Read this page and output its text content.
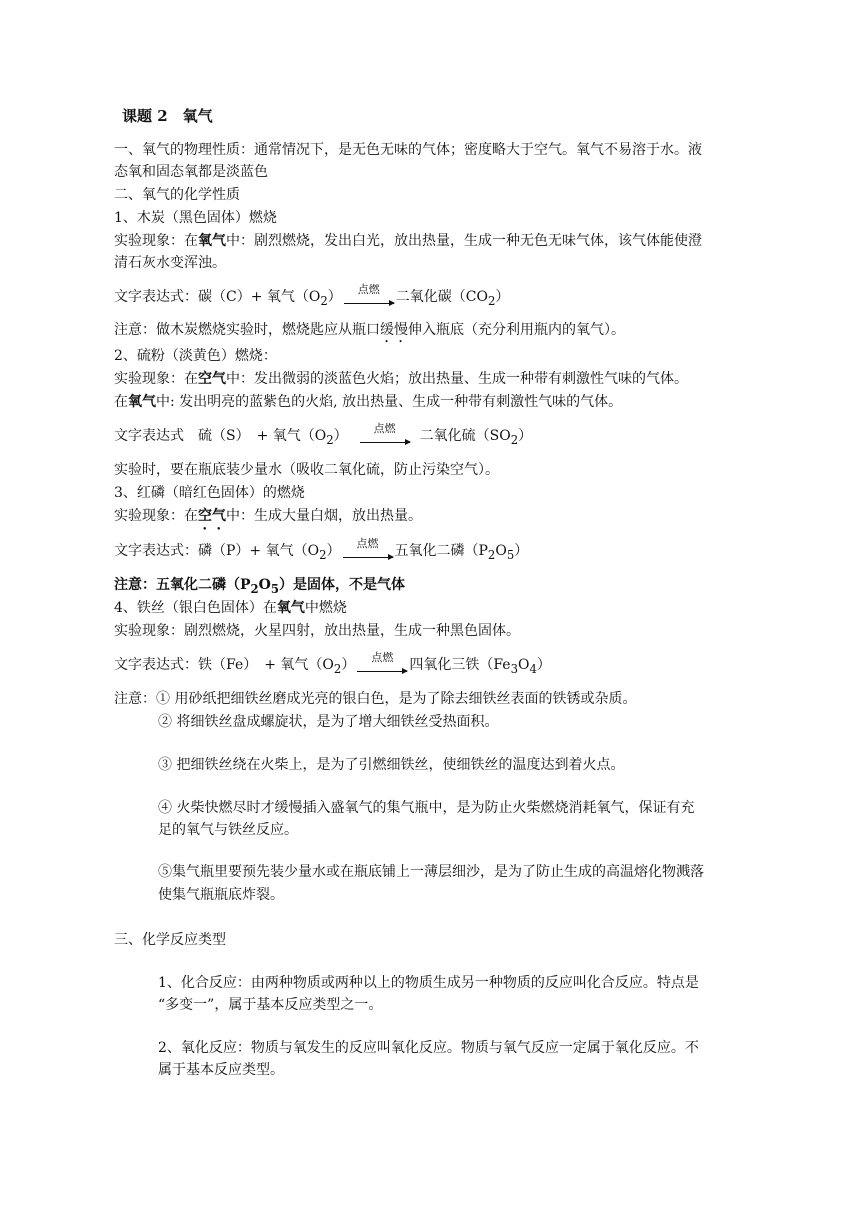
课题 2　氧气
一、氧气的物理性质：通常情况下，是无色无味的气体；密度略大于空气。氧气不易溶于水。液
态氧和固态氧都是淡蓝色
二、氧气的化学性质
1、木炭（黑色固体）燃烧
实验现象：在氧气中：剧烈燃烧，发出白光，放出热量，生成一种无色无味气体，该气体能使澄
清石灰水变浑浊。
文字表达式：碳（C）+ 氧气$(O_2)$	点燃	二氧化碳$(CO_2)$
注意：做木炭燃烧实验时，燃烧匙应从瓶口缓慢伸入瓶底（充分利用瓶内的氧气）。
2、硫粉（淡黄色）燃烧：
实验现象：在空气中：发出微弱的淡蓝色火焰；放出热量、生成一种带有刺激性气味的气体。
在氧气中: 发出明亮的蓝紫色的火焰, 放出热量、生成一种带有刺激性气味的气体。
文字表达式　硫（S）　+ 氧气$(O_2)$	点燃	二氧化硫$(SO_2)$
实验时，要在瓶底装少量水（吸收二氧化硫，防止污染空气）。
3、红磷（暗红色固体）的燃烧
实验现象：在空气中：生成大量白烟，放出热量。
文字表达式：磷（P）+ 氧气$(O_2)$	点燃	五氧化二磷$(P_2O_5)$
注意：五氧化二磷$(P_2O_5)$是固体，不是气体
4、铁丝（银白色固体）在氧气中燃烧
实验现象：剧烈燃烧，火星四射，放出热量，生成一种黑色固体。
文字表达式：铁（Fe）　+ 氧气$(O_2)$	点燃	四氧化三铁$(Fe_3O_4)$
注意：① 用砂纸把细铁丝磨成光亮的银白色，是为了除去细铁丝表面的铁锈或杂质。
② 将细铁丝盘成螺旋状，是为了增大细铁丝受热面积。
③ 把细铁丝绕在火柴上，是为了引燃细铁丝，使细铁丝的温度达到着火点。
④ 火柴快燃尽时才缓慢插入盛氧气的集气瓶中，是为防止火柴燃烧消耗氧气，保证有充
足的氧气与铁丝反应。
⑤集气瓶里要预先装少量水或在瓶底铺上一薄层细沙，是为了防止生成的高温熔化物溅落
使集气瓶瓶底炸裂。
三、化学反应类型
1、化合反应：由两种物质或两种以上的物质生成另一种物质的反应叫化合反应。特点是
“多变一”，属于基本反应类型之一。
2、氧化反应：物质与氧发生的反应叫氧化反应。物质与氧气反应一定属于氧化反应。不
属于基本反应类型。
